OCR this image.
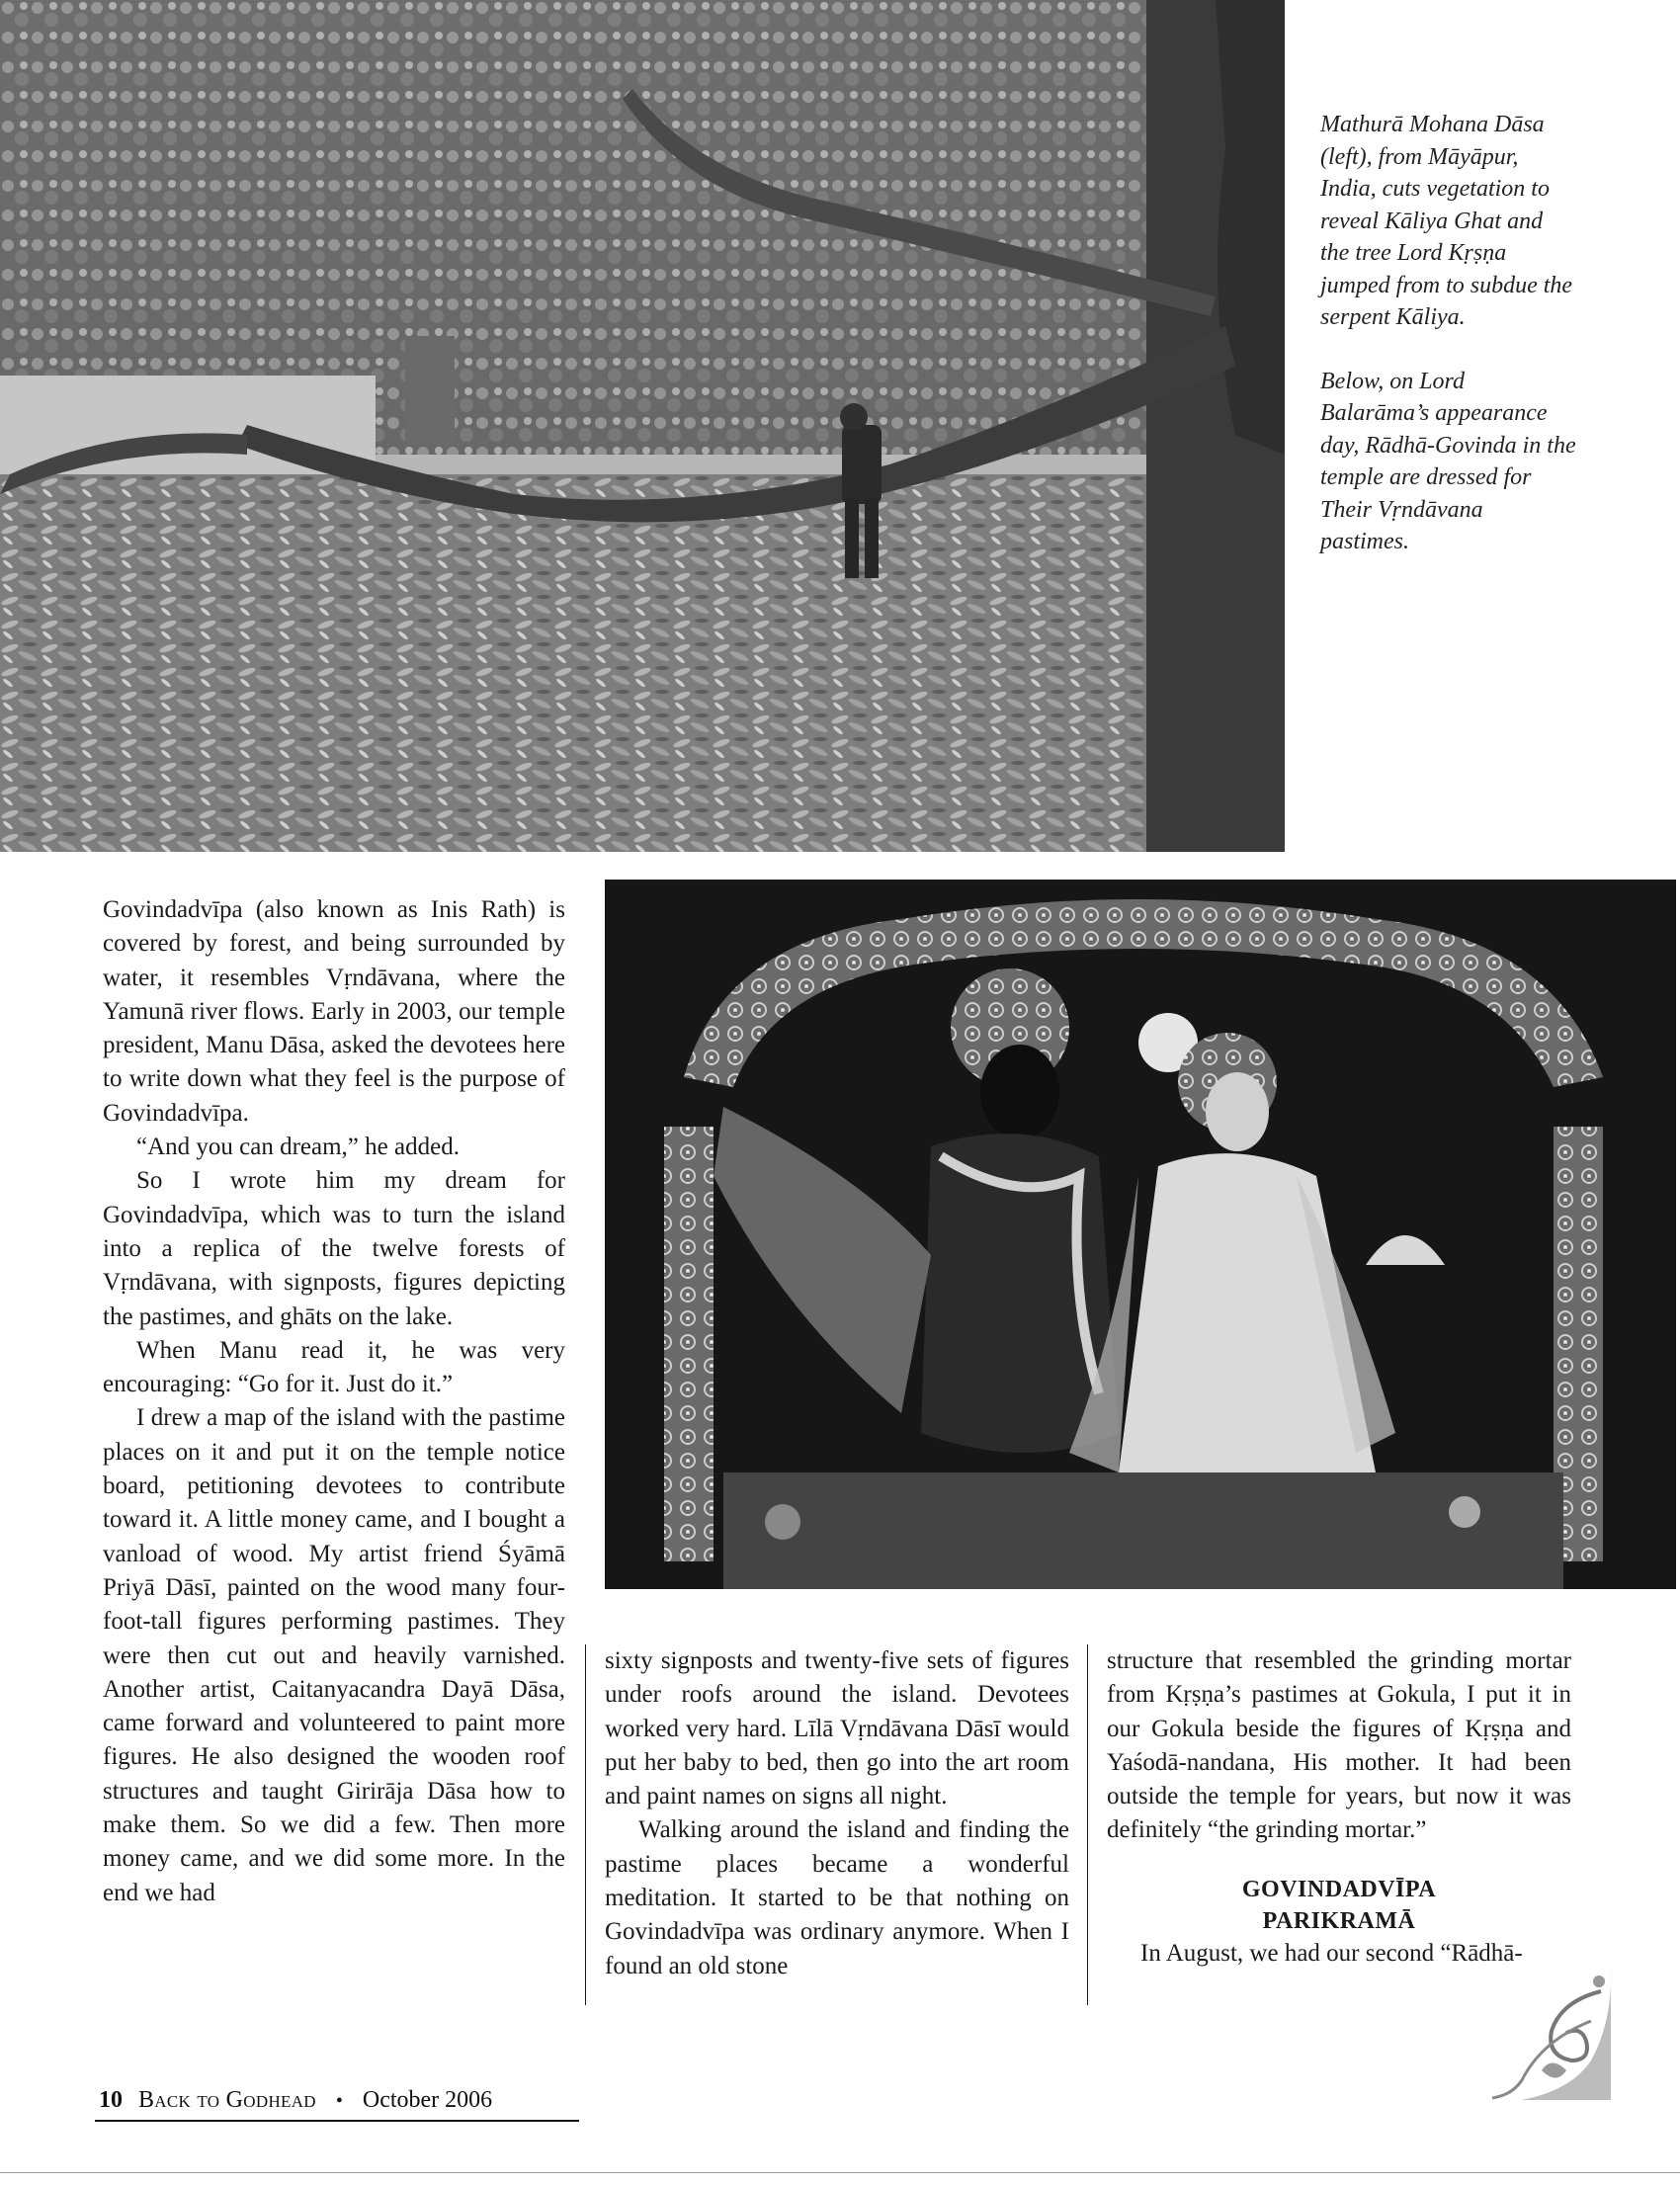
Mathurā Mohana Dāsa (left), from Māyāpur, India, cuts vegetation to reveal Kāliya Ghat and the tree Lord Kṛṣṇa jumped from to subdue the serpent Kāliya.

Below, on Lord Balarāma’s appearance day, Rādhā-Govinda in the temple are dressed for Their Vṛndāvana pastimes.

Govindadvīpa (also known as Inis Rath) is covered by forest, and being surrounded by water, it resembles Vṛndāvana, where the Yamunā river flows. Early in 2003, our temple president, Manu Dāsa, asked the devotees here to write down what they feel is the purpose of Govindadvīpa.

“And you can dream,” he added.

So I wrote him my dream for Govindadvīpa, which was to turn the island into a replica of the twelve forests of Vṛndāvana, with signposts, figures depicting the pastimes, and ghāts on the lake.

When Manu read it, he was very encouraging: “Go for it. Just do it.”

I drew a map of the island with the pastime places on it and put it on the temple notice board, petitioning devotees to contribute toward it. A little money came, and I bought a vanload of wood. My artist friend Śyāmā Priyā Dāsī, painted on the wood many four-foot-tall figures performing pastimes. They were then cut out and heavily varnished. Another artist, Caitanyacandra Dayā Dāsa, came forward and volunteered to paint more figures. He also designed the wooden roof structures and taught Girirāja Dāsa how to make them. So we did a few. Then more money came, and we did some more. In the end we had

sixty signposts and twenty-five sets of figures under roofs around the island. Devotees worked very hard. Līlā Vṛndāvana Dāsī would put her baby to bed, then go into the art room and paint names on signs all night.

Walking around the island and finding the pastime places became a wonderful meditation. It started to be that nothing on Govindadvīpa was ordinary anymore. When I found an old stone

structure that resembled the grinding mortar from Kṛṣṇa’s pastimes at Gokula, I put it in our Gokula beside the figures of Kṛṣṇa and Yaśodā-nandana, His mother. It had been outside the temple for years, but now it was definitely “the grinding mortar.”

GOVINDADVĪPA
PARIKRAMĀ

In August, we had our second “Rādhā-

10 Back to Godhead • October 2006
